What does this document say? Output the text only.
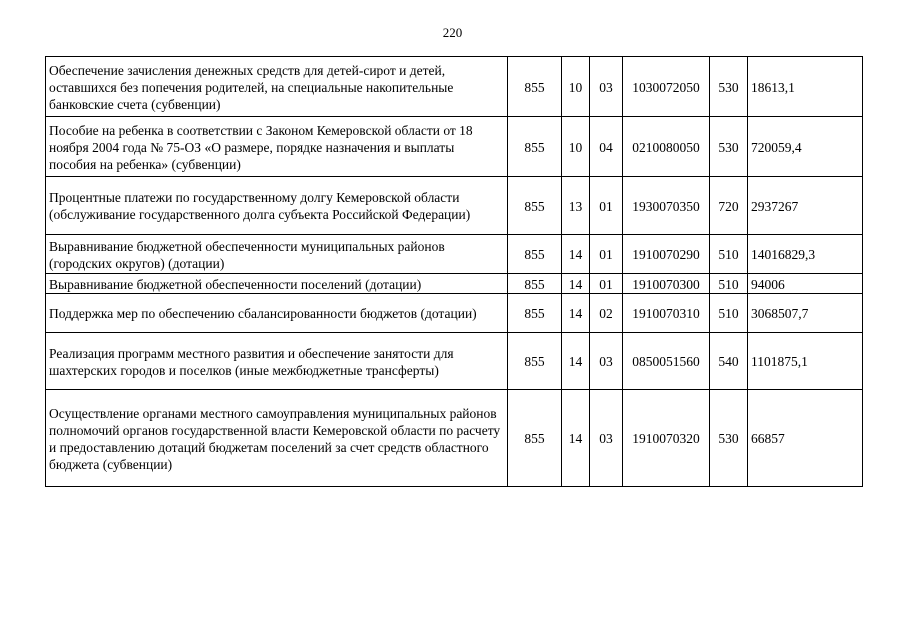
220
Обеспечение зачисления денежных средств для детей-сирот и детей, оставшихся без попечения родителей, на специальные накопительные банковские счета (субвенции)	855	10	03	1030072050	530	18613,1
Пособие на ребенка в соответствии с Законом Кемеровской области от 18 ноября 2004 года № 75-ОЗ «О размере, порядке назначения и выплаты пособия на ребенка» (субвенции)	855	10	04	0210080050	530	720059,4
Процентные платежи по государственному долгу Кемеровской области (обслуживание государственного долга субъекта Российской Федерации)	855	13	01	1930070350	720	2937267
Выравнивание бюджетной обеспеченности муниципальных районов (городских округов) (дотации)	855	14	01	1910070290	510	14016829,3
Выравнивание бюджетной обеспеченности поселений (дотации)	855	14	01	1910070300	510	94006
Поддержка мер по обеспечению сбалансированности бюджетов (дотации)	855	14	02	1910070310	510	3068507,7
Реализация программ местного развития и обеспечение занятости для шахтерских городов и поселков (иные межбюджетные трансферты)	855	14	03	0850051560	540	1101875,1
Осуществление органами местного самоуправления муниципальных районов полномочий органов государственной власти Кемеровской области по расчету и предоставлению дотаций бюджетам поселений за счет средств областного бюджета (субвенции)	855	14	03	1910070320	530	66857
